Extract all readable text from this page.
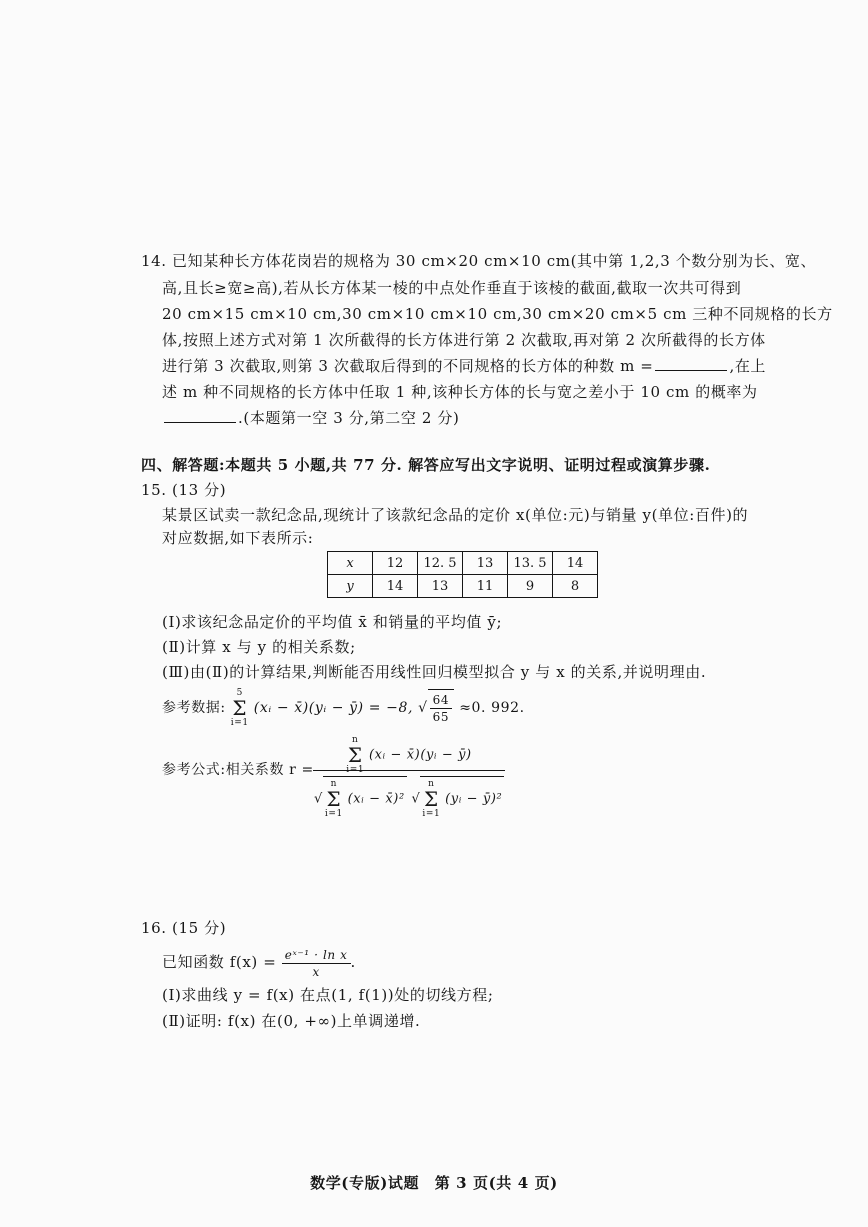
14. 已知某种长方体花岗岩的规格为 30 cm×20 cm×10 cm(其中第 1,2,3 个数分别为长、宽、
高,且长≥宽≥高),若从长方体某一棱的中点处作垂直于该棱的截面,截取一次共可得到
20 cm×15 cm×10 cm,30 cm×10 cm×10 cm,30 cm×20 cm×5 cm 三种不同规格的长方
体,按照上述方式对第 1 次所截得的长方体进行第 2 次截取,再对第 2 次所截得的长方体
进行第 3 次截取,则第 3 次截取后得到的不同规格的长方体的种数 m =	,在上
述 m 种不同规格的长方体中任取 1 种,该种长方体的长与宽之差小于 10 cm 的概率为
.(本题第一空 3 分,第二空 2 分)
四、解答题:本题共 5 小题,共 77 分. 解答应写出文字说明、证明过程或演算步骤.
15. (13 分)
某景区试卖一款纪念品,现统计了该款纪念品的定价 x(单位:元)与销量 y(单位:百件)的
对应数据,如下表所示:
x	12	12. 5	13	13. 5	14
y	14	13	11	9	8
(Ⅰ)求该纪念品定价的平均值 x̄ 和销量的平均值 ȳ;
(Ⅱ)计算 x 与 y 的相关系数;
(Ⅲ)由(Ⅱ)的计算结果,判断能否用线性回归模型拟合 y 与 x 的关系,并说明理由.
参考数据: 5
Σ
i=1 (xᵢ − x̄)(yᵢ − ȳ) = −8, √ $\frac{64}{65} \approx 0$. 992.
参考公式:相关系数 r =
n
Σ
i=1 (xᵢ − x̄)(yᵢ − ȳ)
√n
Σ
i=1 (xᵢ − x̄)² √n
Σ
i=1 (yᵢ − ȳ)²
16. (15 分)
已知函数 $f(x) = \frac{\text{eˣ⁻¹ · ln x}}{x}$ .
(Ⅰ)求曲线 y = f(x) 在点(1, f(1))处的切线方程;
(Ⅱ)证明: f(x) 在(0, +∞)上单调递增.
数学(专版)试题　第 3 页(共 4 页)
